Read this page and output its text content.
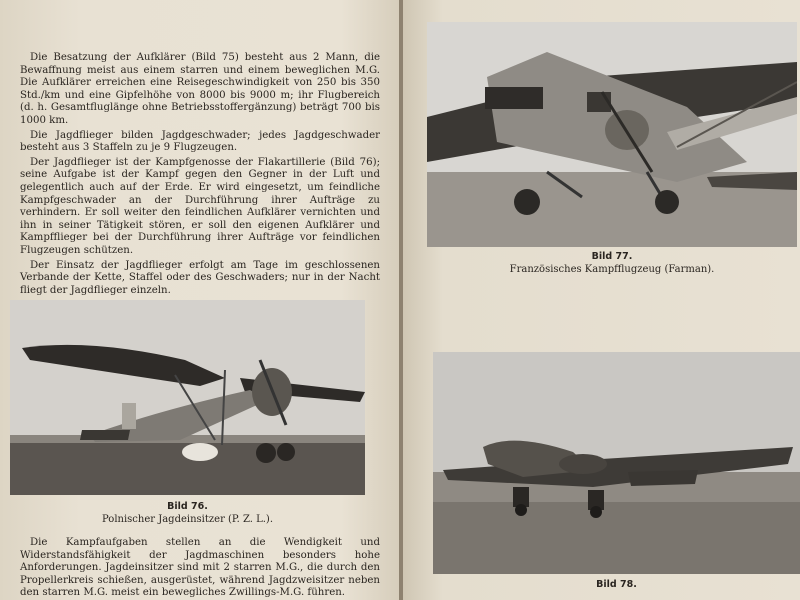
Die Besatzung der Aufklärer (Bild 75) besteht aus 2 Mann, die Bewaffnung meist aus einem starren und einem beweglichen M.G. Die Aufklärer erreichen eine Reisegeschwindigkeit von 250 bis 350 Std./km und eine Gipfelhöhe von 8000 bis 9000 m; ihr Flugbereich (d. h. Gesamtfluglänge ohne Betriebsstoffergänzung) beträgt 700 bis 1000 km.

Die Jagdflieger bilden Jagdgeschwader; jedes Jagdgeschwader besteht aus 3 Staffeln zu je 9 Flugzeugen.

Der Jagdflieger ist der Kampfgenosse der Flakartillerie (Bild 76); seine Aufgabe ist der Kampf gegen den Gegner in der Luft und gelegentlich auch auf der Erde. Er wird eingesetzt, um feindliche Kampfgeschwader an der Durchführung ihrer Aufträge zu verhindern. Er soll weiter den feindlichen Aufklärer vernichten und ihn in seiner Tätigkeit stören, er soll den eigenen Aufklärer und Kampfflieger bei der Durchführung ihrer Aufträge vor feindlichen Flugzeugen schützen.

Der Einsatz der Jagdflieger erfolgt am Tage im geschlossenen Verbande der Kette, Staffel oder des Geschwaders; nur in der Nacht fliegt der Jagdflieger einzeln.

Bild 76.
Polnischer Jagdeinsitzer (P. Z. L.).

Die Kampfaufgaben stellen an die Wendigkeit und Widerstandsfähigkeit der Jagdmaschinen besonders hohe Anforderungen. Jagdeinsitzer sind mit 2 starren M.G., die durch den Propellerkreis schießen, ausgerüstet, während Jagdzweisitzer neben den starren M.G. meist ein bewegliches Zwillings-M.G. führen.

Bild 77.
Französisches Kampfflugzeug (Farman).
Bild 78.
